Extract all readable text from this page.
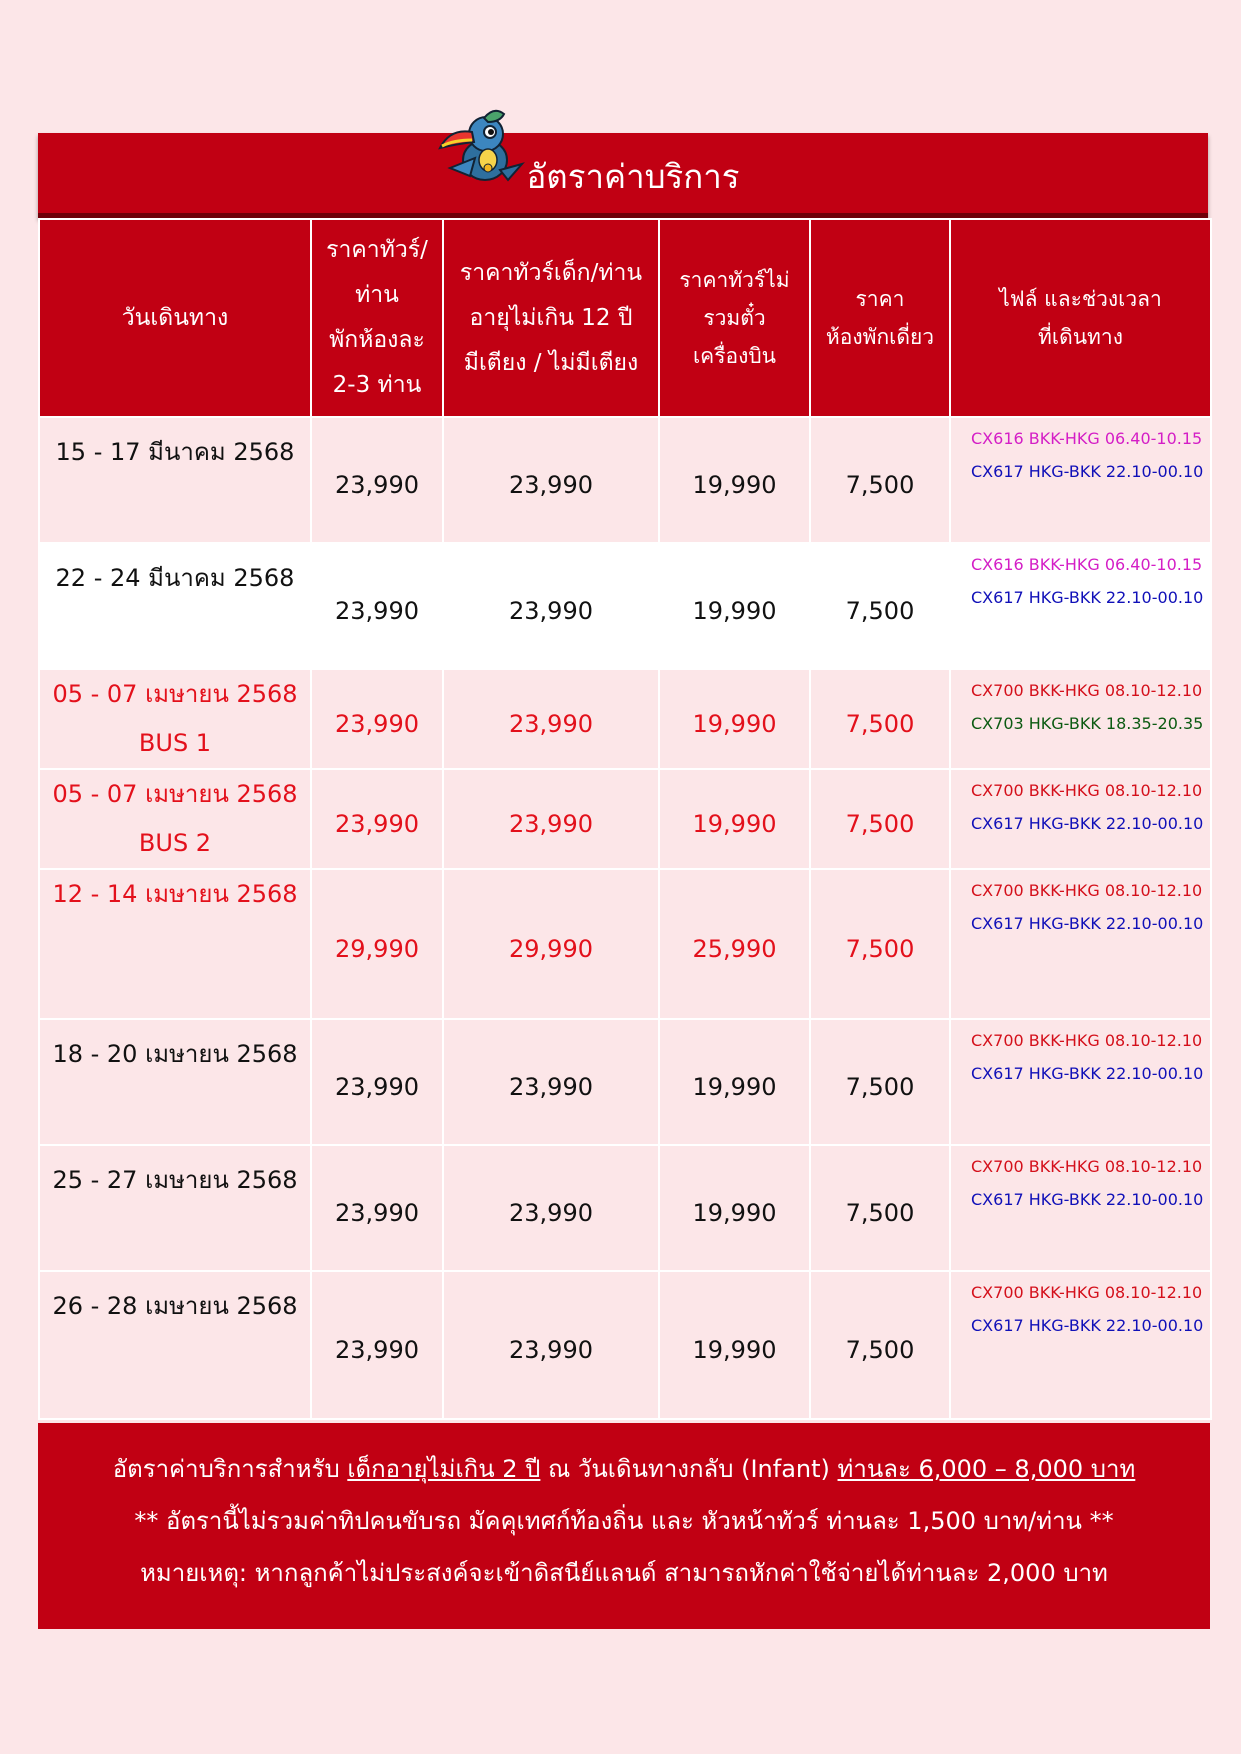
อัตราค่าบริการ
วันเดินทาง	ราคาทัวร์/
ท่าน
พักห้องละ
2-3 ท่าน	ราคาทัวร์เด็ก/ท่าน
อายุไม่เกิน 12 ปี
มีเตียง / ไม่มีเตียง	ราคาทัวร์ไม่
รวมตั๋ว
เครื่องบิน	ราคา
ห้องพักเดี่ยว	ไฟล์ และช่วงเวลา
ที่เดินทาง
15 - 17 มีนาคม 2568	23,990	23,990	19,990	7,500	CX616 BKK-HKG 06.40-10.15
CX617 HKG-BKK 22.10-00.10

22 - 24 มีนาคม 2568	23,990	23,990	19,990	7,500	CX616 BKK-HKG 06.40-10.15
CX617 HKG-BKK 22.10-00.10

05 - 07 เมษายน 2568
BUS 1	23,990	23,990	19,990	7,500	CX700 BKK-HKG 08.10-12.10
CX703 HKG-BKK 18.35-20.35

05 - 07 เมษายน 2568
BUS 2	23,990	23,990	19,990	7,500	CX700 BKK-HKG 08.10-12.10
CX617 HKG-BKK 22.10-00.10

12 - 14 เมษายน 2568	29,990	29,990	25,990	7,500	CX700 BKK-HKG 08.10-12.10
CX617 HKG-BKK 22.10-00.10

18 - 20 เมษายน 2568	23,990	23,990	19,990	7,500	CX700 BKK-HKG 08.10-12.10
CX617 HKG-BKK 22.10-00.10

25 - 27 เมษายน 2568	23,990	23,990	19,990	7,500	CX700 BKK-HKG 08.10-12.10
CX617 HKG-BKK 22.10-00.10

26 - 28 เมษายน 2568	23,990	23,990	19,990	7,500	CX700 BKK-HKG 08.10-12.10
CX617 HKG-BKK 22.10-00.10
อัตราค่าบริการสำหรับ เด็กอายุไม่เกิน 2 ปี ณ วันเดินทางกลับ (Infant) ท่านละ 6,000 – 8,000 บาท
** อัตรานี้ไม่รวมค่าทิปคนขับรถ มัคคุเทศก์ท้องถิ่น และ หัวหน้าทัวร์ ท่านละ 1,500 บาท/ท่าน **
หมายเหตุ: หากลูกค้าไม่ประสงค์จะเข้าดิสนีย์แลนด์ สามารถหักค่าใช้จ่ายได้ท่านละ 2,000 บาท
